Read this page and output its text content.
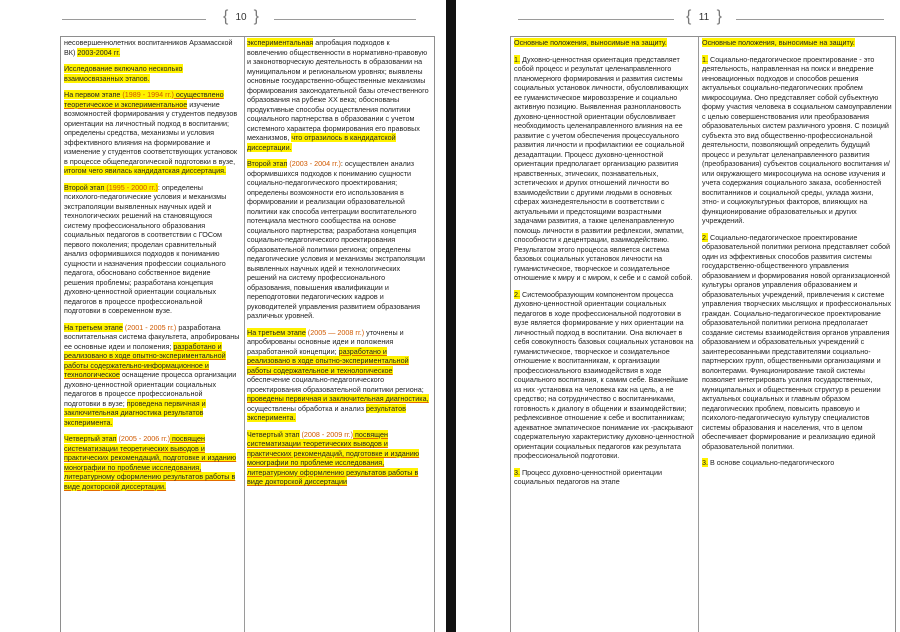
{ 10 }

несовершеннолетних воспитанников Арзамасской ВК) 2003-2004 гг.

Исследование включало несколько взаимосвязанных этапов.

На первом этапе (1989 - 1994 гг.) осуществлено теоретическое и экспериментальное изучение возможностей формирования у студентов педвузов ориентации на личностный подход в воспитании; определены средства, механизмы и условия эффективного влияния на формирование и изменение у студентов соответствующих установок в процессе общепедагогической подготовки в вузе, итогом чего явилась кандидатская диссертация.

Второй этап (1995 - 2000 гг.): определены психолого-педагогические условия и механизмы экстраполяции выявленных научных идей и технологических решений на становящуюся систему профессионального образования социальных педагогов в соответствии с ГОСом первого поколения; проделан сравнительный анализ оформившихся подходов к пониманию сущности и назначения профессии социального педагога, обосновано собственное видение решения проблемы; разработана концепция духовно-ценностной ориентации социальных педагогов в процессе профессиональной подготовки в современном вузе.

На третьем этапе (2001 - 2005 гг.) разработана воспитательная система факультета, апробированы ее основные идеи и положения; разработано и реализовано в ходе опытно-экспериментальной работы содержательно-информационное и технологическое оснащение процесса организации духовно-ценностной ориентации социальных педагогов в процессе профессиональной подготовки в вузе; проведена первичная и заключительная диагностика результатов эксперимента.

Четвертый этап (2005 - 2006 гг.) посвящен систематизации теоретических выводов и практических рекомендаций, подготовке и изданию монографии по проблеме исследования, литературному оформлению результатов работы в виде докторской диссертации.

экспериментальная апробация подходов к вовлечению общественности в нормативно-правовую и законотворческую деятельность в образовании на муниципальном и региональном уровнях; выявлены основные государственно-общественные механизмы формирования законодательной базы отечественного образования на рубеже XX века; обоснованы продуктивные способы осуществления политики социального партнерства в образовании с учетом системного характера формирования его правовых механизмов, что отразилось в кандидатской диссертации.

Второй этап (2003 - 2004 гг.): осуществлен анализ оформившихся подходов к пониманию сущности социально-педагогического проектирования; определены возможности его использования в формировании и реализации образовательной политики как способа интеграции воспитательного потенциала местного сообщества на основе социального партнерства; разработана концепция социально-педагогического проектирования образовательной политики региона; определены педагогические условия и механизмы экстраполяции выявленных научных идей и технологических решений на систему профессионального образования, повышения квалификации и переподготовки педагогических кадров и руководителей управления развитием образования различных уровней.

На третьем этапе (2005 — 2008 гг.) уточнены и апробированы основные идеи и положения разработанной концепции; разработано и реализовано в ходе опытно-экспериментальной работы содержательное и технологическое обеспечение социально-педагогического проектирования образовательной политики региона; проведены первичная и заключительная диагностика, осуществлены обработка и анализ результатов эксперимента.

Четвертый этап (2008 - 2009 гг.) посвящен систематизации теоретических выводов и практических рекомендаций, подготовке и изданию монографии по проблеме исследования, литературному оформлению результатов работы в виде докторской диссертации

{ 11 }

Основные положения, выносимые на защиту.

1. Духовно-ценностная ориентация представляет собой процесс и результат целенаправленного планомерного формирования и развития системы социальных установок личности, обусловливающих ее гуманистическое мировоззрение и социально активную позицию. Выявленная разноплановость духовно-ценностной ориентации обусловливает необходимость целенаправленного влияния на ее развитие с учетом обеспечения процессуального развития личности и профилактики ее социальной дезадаптации. Процесс духовно-ценностной ориентации предполагает организацию развития нравственных, этических, познавательных, эстетических и других отношений личности во взаимодействии с другими людьми в основных сферах жизнедеятельности в соответствии с актуальными и предстоящими возрастными задачами развития, а также целенаправленную помощь личности в развитии рефлексии, эмпатии, способности к децентрации, взаимодействию. Результатом этого процесса является система базовых социальных установок личности на гуманистическое, творческое и созидательное отношение к миру и с миром, к себе и с самой собой.

2. Системообразующим компонентом процесса духовно-ценностной ориентации социальных педагогов в ходе профессиональной подготовки в вузе является формирование у них ориентации на личностный подход в воспитании. Она включает в себя совокупность базовых социальных установок на гуманистическое, творческое и созидательное отношение к воспитанникам, к организации профессионального взаимодействия в ходе социального воспитания, к самим себе. Важнейшие из них -установка на человека как на цель, а не средство; на сотрудничество с воспитанниками, готовность к диалогу в общении и взаимодействии; рефлексивное отношение к себе и воспитанникам; адекватное эмпатическое понимание их -раскрывают содержательную характеристику духовно-ценностной ориентации социальных педагогов как результата профессиональной подготовки.

3. Процесс духовно-ценностной ориентации социальных педагогов на этапе

Основные положения, выносимые на защиту.

1. Социально-педагогическое проектирование - это деятельность, направленная на поиск и внедрение инновационных подходов и способов решения актуальных социально-педагогических проблем микросоциума. Оно представляет собой субъектную форму участия человека в социальном самоуправлении с целью совершенствования или преобразования образовательных систем различного уровня. С позиций субъекта это вид общественно-профессиональной деятельности, позволяющий определить будущий процесс и результат целенаправленного развития (преобразования) субъектов социального воспитания и/или окружающего микросоциума на основе изучения и учета содержания социального заказа, особенностей воспитанников и социальной среды, уклада жизни, этно- и социокультурных факторов, влияющих на функционирование образовательных и других учреждений.

2. Социально-педагогическое проектирование образовательной политики региона представляет собой один из эффективных способов развития системы государственно-общественного управления образованием и формирования новой организационной культуры органов управления образованием и образовательных учреждений, привлечения к системе управления творческих мыслящих и профессиональных граждан. Социально-педагогическое проектирование образовательной политики региона предполагает создание системы взаимодействия органов управления образованием и образовательных учреждений с заинтересованными представителями социально-партнерских групп, общественными организациями и волонтерами. Функционирование такой системы позволяет интегрировать усилия государственных, муниципальных и общественных структур в решении актуальных социальных и главным образом педагогических проблем, повысить правовую и психолого-педагогическую культуру специалистов системы образования и населения, что в целом обеспечивает формирование и реализацию единой образовательной политики.

3. В основе социально-педагогического
